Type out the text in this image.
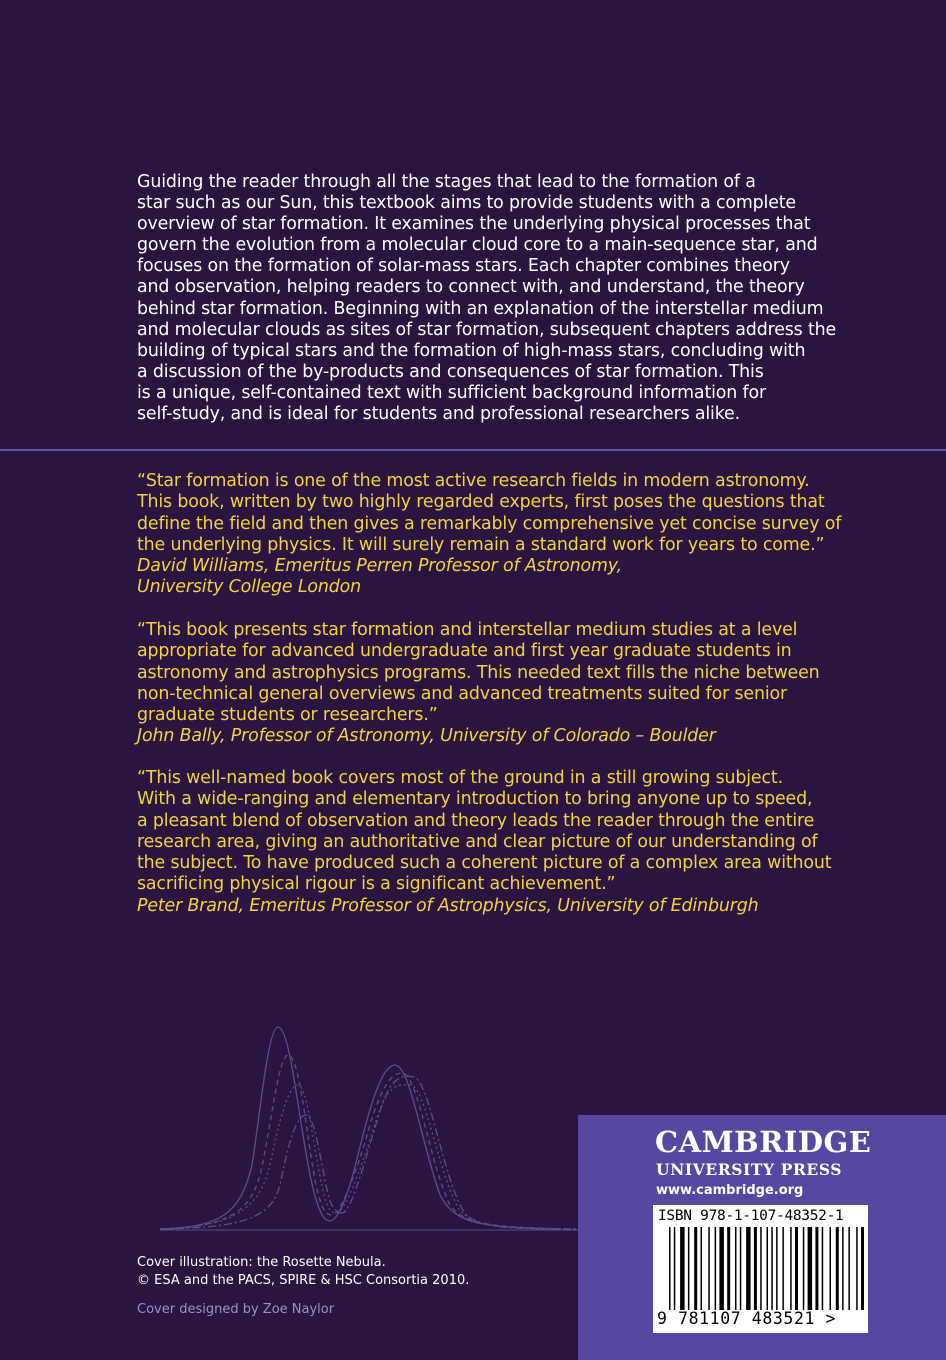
Guiding the reader through all the stages that lead to the formation of a
star such as our Sun, this textbook aims to provide students with a complete
overview of star formation. It examines the underlying physical processes that
govern the evolution from a molecular cloud core to a main-sequence star, and
focuses on the formation of solar-mass stars. Each chapter combines theory
and observation, helping readers to connect with, and understand, the theory
behind star formation. Beginning with an explanation of the interstellar medium
and molecular clouds as sites of star formation, subsequent chapters address the
building of typical stars and the formation of high-mass stars, concluding with
a discussion of the by-products and consequences of star formation. This
is a unique, self-contained text with sufficient background information for
self-study, and is ideal for students and professional researchers alike.

“Star formation is one of the most active research fields in modern astronomy.
This book, written by two highly regarded experts, first poses the questions that
define the field and then gives a remarkably comprehensive yet concise survey of
the underlying physics. It will surely remain a standard work for years to come.”
David Williams, Emeritus Perren Professor of Astronomy,
University College London

“This book presents star formation and interstellar medium studies at a level
appropriate for advanced undergraduate and first year graduate students in
astronomy and astrophysics programs. This needed text fills the niche between
non-technical general overviews and advanced treatments suited for senior
graduate students or researchers.”
John Bally, Professor of Astronomy, University of Colorado – Boulder

“This well-named book covers most of the ground in a still growing subject.
With a wide-ranging and elementary introduction to bring anyone up to speed,
a pleasant blend of observation and theory leads the reader through the entire
research area, giving an authoritative and clear picture of our understanding of
the subject. To have produced such a coherent picture of a complex area without
sacrificing physical rigour is a significant achievement.”
Peter Brand, Emeritus Professor of Astrophysics, University of Edinburgh

Cover illustration: the Rosette Nebula.
© ESA and the PACS, SPIRE & HSC Consortia 2010.

Cover designed by Zoe Naylor

CAMBRIDGE
UNIVERSITY PRESS
www.cambridge.org
ISBN 978-1-107-48352-1
9 781107 483521 >
